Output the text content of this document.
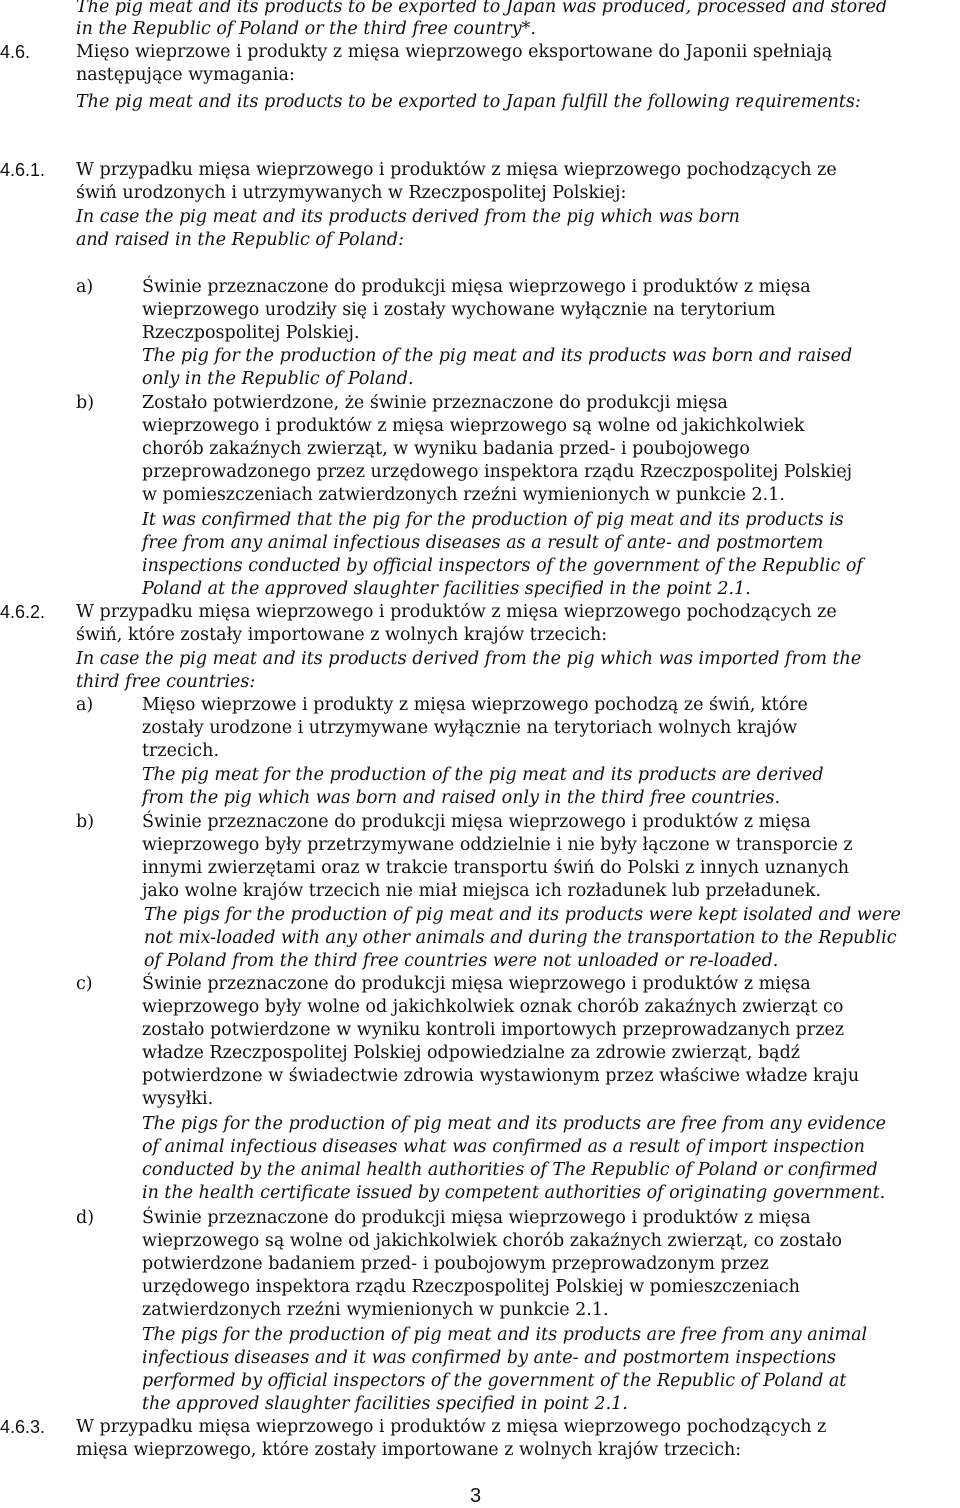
The pig meat and its products to be exported to Japan was produced, processed and stored
in the Republic of Poland or the third free country*.
4.6.	Mięso wieprzowe i produkty z mięsa wieprzowego eksportowane do Japonii spełniają
następujące wymagania:
The pig meat and its products to be exported to Japan fulfill the following requirements:
4.6.1. W przypadku mięsa wieprzowego i produktów z mięsa wieprzowego pochodzących ze
świń urodzonych i utrzymywanych w Rzeczpospolitej Polskiej:
In case the pig meat and its products derived from the pig which was born
and raised in the Republic of Poland:
a)	Świnie przeznaczone do produkcji mięsa wieprzowego i produktów z mięsa
wieprzowego urodziły się i zostały wychowane wyłącznie na terytorium
Rzeczpospolitej Polskiej.
The pig for the production of the pig meat and its products was born and raised
only in the Republic of Poland.
b)	Zostało potwierdzone, że świnie przeznaczone do produkcji mięsa
wieprzowego i produktów z mięsa wieprzowego są wolne od jakichkolwiek
chorób zakaźnych zwierząt, w wyniku badania przed- i poubojowego
przeprowadzonego przez urzędowego inspektora rządu Rzeczpospolitej Polskiej
w pomieszczeniach zatwierdzonych rzeźni wymienionych w punkcie 2.1.
It was confirmed that the pig for the production of pig meat and its products is
free from any animal infectious diseases as a result of ante- and postmortem
inspections conducted by official inspectors of the government of the Republic of
Poland at the approved slaughter facilities specified in the point 2.1.
4.6.2. W przypadku mięsa wieprzowego i produktów z mięsa wieprzowego pochodzących ze
świń, które zostały importowane z wolnych krajów trzecich:
In case the pig meat and its products derived from the pig which was imported from the
third free countries:
a)	Mięso wieprzowe i produkty z mięsa wieprzowego pochodzą ze świń, które
zostały urodzone i utrzymywane wyłącznie na terytoriach wolnych krajów
trzecich.
The pig meat for the production of the pig meat and its products are derived
from the pig which was born and raised only in the third free countries.
b)	Świnie przeznaczone do produkcji mięsa wieprzowego i produktów z mięsa
wieprzowego były przetrzymywane oddzielnie i nie były łączone w transporcie z
innymi zwierzętami oraz w trakcie transportu świń do Polski z innych uznanych
jako wolne krajów trzecich nie miał miejsca ich rozładunek lub przeładunek.
The pigs for the production of pig meat and its products were kept isolated and were
not mix-loaded with any other animals and during the transportation to the Republic
of Poland from the third free countries were not unloaded or re-loaded.
c)	Świnie przeznaczone do produkcji mięsa wieprzowego i produktów z mięsa
wieprzowego były wolne od jakichkolwiek oznak chorób zakaźnych zwierząt co
zostało potwierdzone w wyniku kontroli importowych przeprowadzanych przez
władze Rzeczpospolitej Polskiej odpowiedzialne za zdrowie zwierząt, bądź
potwierdzone w świadectwie zdrowia wystawionym przez właściwe władze kraju
wysyłki.
The pigs for the production of pig meat and its products are free from any evidence
of animal infectious diseases what was confirmed as a result of import inspection
conducted by the animal health authorities of The Republic of Poland or confirmed
in the health certificate issued by competent authorities of originating government.
d)	Świnie przeznaczone do produkcji mięsa wieprzowego i produktów z mięsa
wieprzowego są wolne od jakichkolwiek chorób zakaźnych zwierząt, co zostało
potwierdzone badaniem przed- i poubojowym przeprowadzonym przez
urzędowego inspektora rządu Rzeczpospolitej Polskiej w pomieszczeniach
zatwierdzonych rzeźni wymienionych w punkcie 2.1.
The pigs for the production of pig meat and its products are free from any animal
infectious diseases and it was confirmed by ante- and postmortem inspections
performed by official inspectors of the government of the Republic of Poland at
the approved slaughter facilities specified in point 2.1.
4.6.3. W przypadku mięsa wieprzowego i produktów z mięsa wieprzowego pochodzących z
mięsa wieprzowego, które zostały importowane z wolnych krajów trzecich:
3
